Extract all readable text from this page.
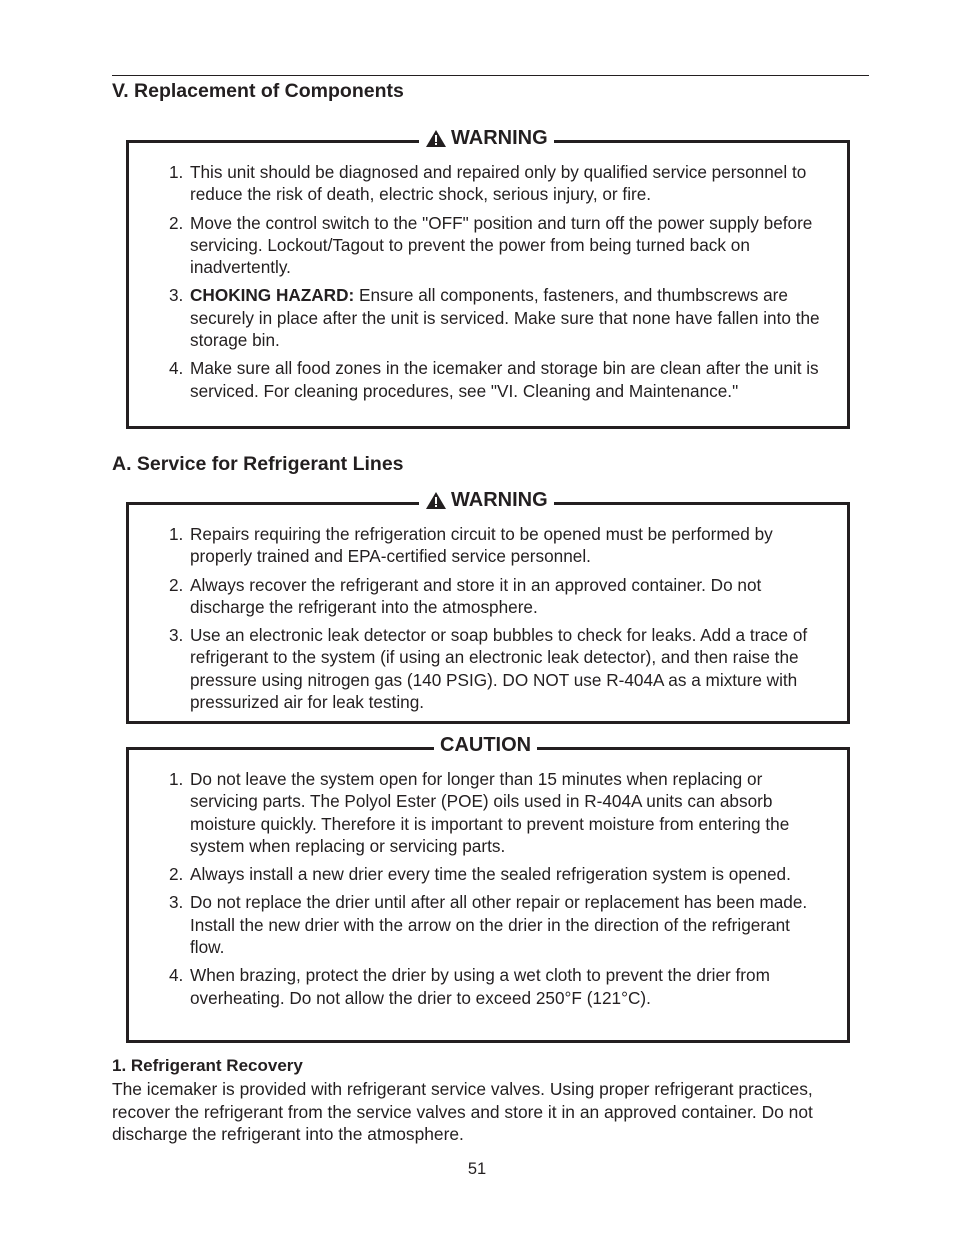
V. Replacement of Components
WARNING
1. This unit should be diagnosed and repaired only by qualified service personnel to reduce the risk of death, electric shock, serious injury, or fire.
2. Move the control switch to the "OFF" position and turn off the power supply before servicing. Lockout/Tagout to prevent the power from being turned back on inadvertently.
3. CHOKING HAZARD: Ensure all components, fasteners, and thumbscrews are securely in place after the unit is serviced. Make sure that none have fallen into the storage bin.
4. Make sure all food zones in the icemaker and storage bin are clean after the unit is serviced. For cleaning procedures, see "VI. Cleaning and Maintenance."
A. Service for Refrigerant Lines
WARNING
1. Repairs requiring the refrigeration circuit to be opened must be performed by properly trained and EPA-certified service personnel.
2. Always recover the refrigerant and store it in an approved container. Do not discharge the refrigerant into the atmosphere.
3. Use an electronic leak detector or soap bubbles to check for leaks. Add a trace of refrigerant to the system (if using an electronic leak detector), and then raise the pressure using nitrogen gas (140 PSIG). DO NOT use R-404A as a mixture with pressurized air for leak testing.
CAUTION
1. Do not leave the system open for longer than 15 minutes when replacing or servicing parts. The Polyol Ester (POE) oils used in R-404A units can absorb moisture quickly. Therefore it is important to prevent moisture from entering the system when replacing or servicing parts.
2. Always install a new drier every time the sealed refrigeration system is opened.
3. Do not replace the drier until after all other repair or replacement has been made. Install the new drier with the arrow on the drier in the direction of the refrigerant flow.
4. When brazing, protect the drier by using a wet cloth to prevent the drier from overheating. Do not allow the drier to exceed 250°F (121°C).
1. Refrigerant Recovery

The icemaker is provided with refrigerant service valves. Using proper refrigerant practices, recover the refrigerant from the service valves and store it in an approved container. Do not discharge the refrigerant into the atmosphere.

51
